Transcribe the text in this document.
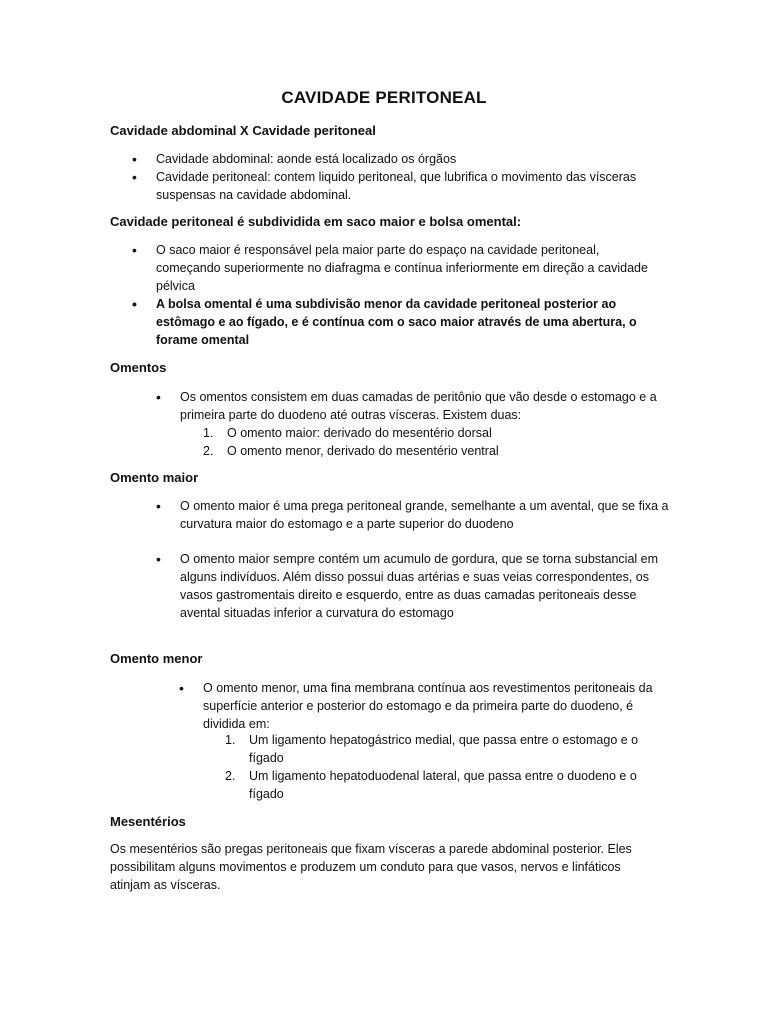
CAVIDADE PERITONEAL
Cavidade abdominal X Cavidade peritoneal
• Cavidade abdominal: aonde está localizado os órgãos
• Cavidade peritoneal: contem liquido peritoneal, que lubrifica o movimento das vísceras suspensas na cavidade abdominal.
Cavidade peritoneal é subdividida em saco maior e bolsa omental:
• O saco maior é responsável pela maior parte do espaço na cavidade peritoneal, começando superiormente no diafragma e contínua inferiormente em direção a cavidade pélvica
• A bolsa omental é uma subdivisão menor da cavidade peritoneal posterior ao estômago e ao fígado, e é contínua com o saco maior através de uma abertura, o forame omental
Omentos
• Os omentos consistem em duas camadas de peritônio que vão desde o estomago e a primeira parte do duodeno até outras vísceras. Existem duas:
1. O omento maior: derivado do mesentério dorsal
2. O omento menor, derivado do mesentério ventral
Omento maior
• O omento maior é uma prega peritoneal grande, semelhante a um avental, que se fixa a curvatura maior do estomago e a parte superior do duodeno
• O omento maior sempre contém um acumulo de gordura, que se torna substancial em alguns indivíduos. Além disso possui duas artérias e suas veias correspondentes, os vasos gastromentais direito e esquerdo, entre as duas camadas peritoneais desse avental situadas inferior a curvatura do estomago
Omento menor
• O omento menor, uma fina membrana contínua aos revestimentos peritoneais da superfície anterior e posterior do estomago e da primeira parte do duodeno, é dividida em:
1. Um ligamento hepatogástrico medial, que passa entre o estomago e o fígado
2. Um ligamento hepatoduodenal lateral, que passa entre o duodeno e o fígado
Mesentérios
Os mesentérios são pregas peritoneais que fixam vísceras a parede abdominal posterior. Eles possibilitam alguns movimentos e produzem um conduto para que vasos, nervos e linfáticos atinjam as vísceras.
